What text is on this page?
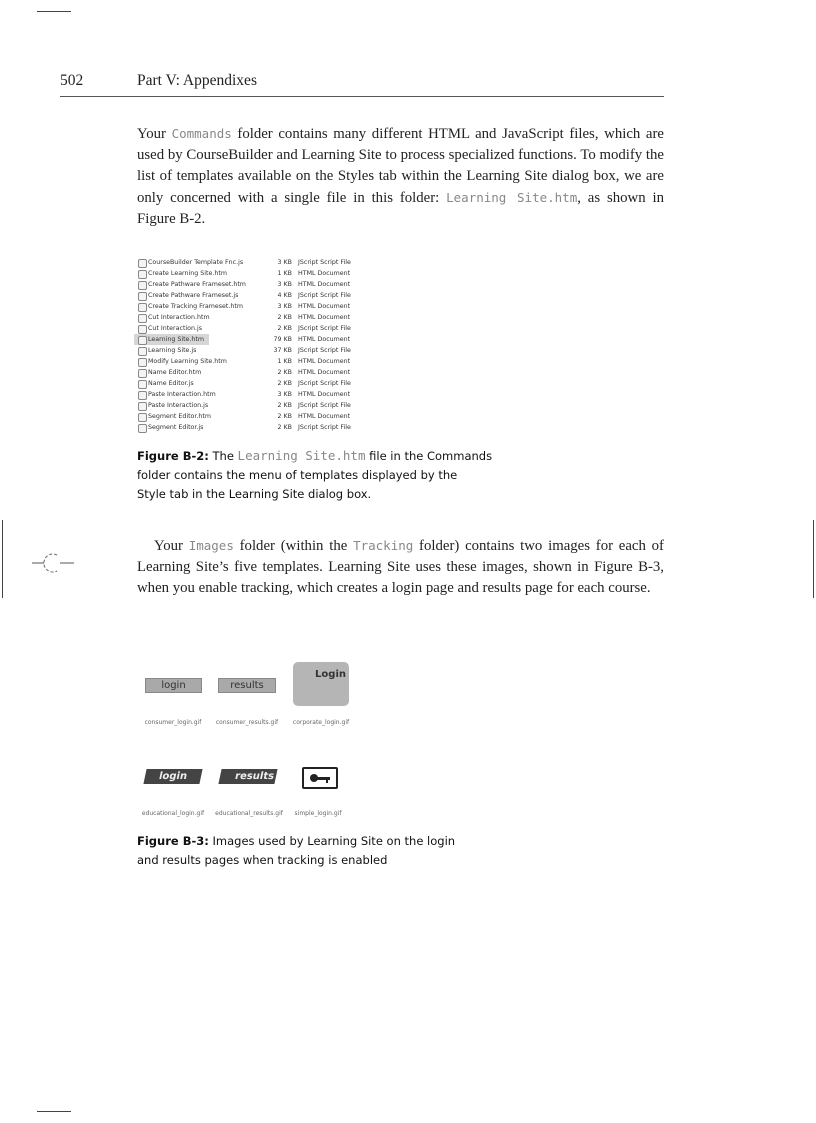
502	Part V: Appendixes
Your Commands folder contains many different HTML and JavaScript files, which are used by CourseBuilder and Learning Site to process specialized functions. To modify the list of templates available on the Styles tab within the Learning Site dialog box, we are only concerned with a single file in this folder: Learning Site.htm, as shown in Figure B-2.
CourseBuilder Template Fnc.js	3 KB JScript Script File
Create Learning Site.htm	1 KB HTML Document
Create Pathware Frameset.htm	3 KB HTML Document
Create Pathware Frameset.js	4 KB JScript Script File
Create Tracking Frameset.htm	3 KB HTML Document
Cut Interaction.htm	2 KB HTML Document
Cut Interaction.js	2 KB JScript Script File
Learning Site.htm	79 KB HTML Document
Learning Site.js	37 KB JScript Script File
Modify Learning Site.htm	1 KB HTML Document
Name Editor.htm	2 KB HTML Document
Name Editor.js	2 KB JScript Script File
Paste Interaction.htm	3 KB HTML Document
Paste Interaction.js	2 KB JScript Script File
Segment Editor.htm	2 KB HTML Document
Segment Editor.js	2 KB JScript Script File
Figure B-2: The Learning Site.htm file in the Commands
folder contains the menu of templates displayed by the
Style tab in the Learning Site dialog box.
Your Images folder (within the Tracking folder) contains two images for each of Learning Site’s five templates. Learning Site uses these images, shown in Figure B-3, when you enable tracking, which creates a login page and results page for each course.
login
consumer_login.gif
results
consumer_results.gif
Login
corporate_login.gif
login
educational_login.gif
results
educational_results.gif	simple_login.gif
Figure B-3: Images used by Learning Site on the login
and results pages when tracking is enabled
